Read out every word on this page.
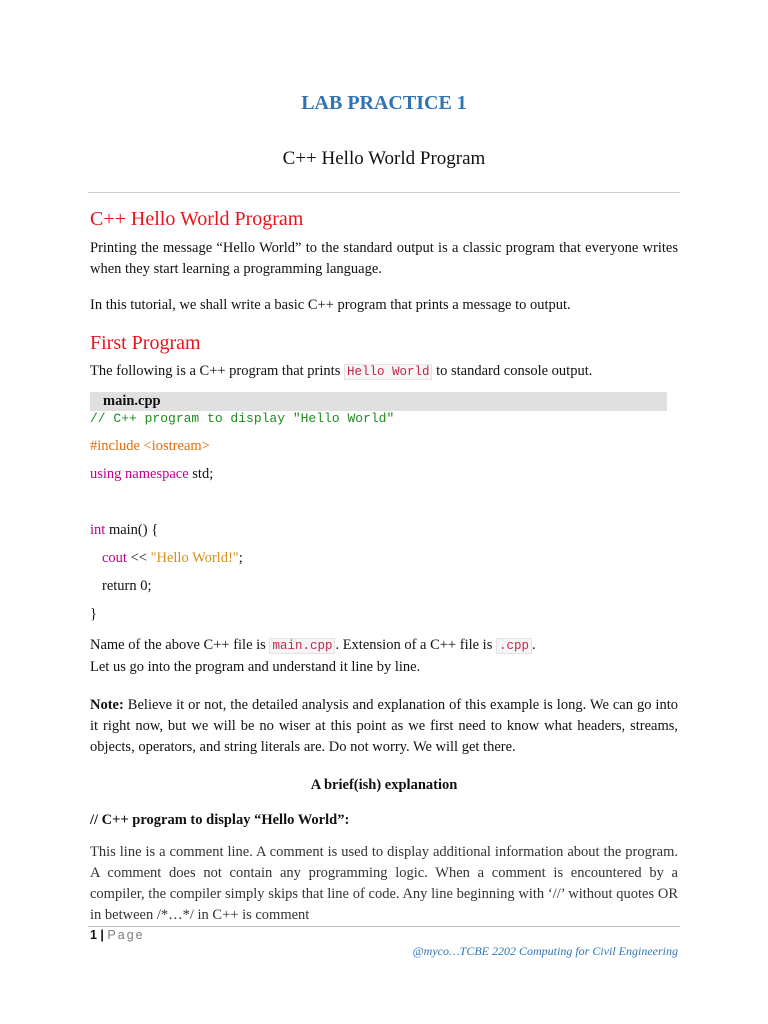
LAB PRACTICE 1
C++ Hello World Program
C++ Hello World Program
Printing the message “Hello World” to the standard output is a classic program that everyone writes when they start learning a programming language.
In this tutorial, we shall write a basic C++ program that prints a message to output.
First Program
The following is a C++ program that prints Hello World to standard console output.
main.cpp
// C++ program to display "Hello World"
#include <iostream>
using namespace std;
int main() {
cout << "Hello World!";
return 0;
}
Name of the above C++ file is main.cpp . Extension of a C++ file is .cpp .
Let us go into the program and understand it line by line.
Note: Believe it or not, the detailed analysis and explanation of this example is long. We can go into it right now, but we will be no wiser at this point as we first need to know what headers, streams, objects, operators, and string literals are. Do not worry. We will get there.
A brief(ish) explanation
// C++ program to display “Hello World”:
This line is a comment line. A comment is used to display additional information about the program. A comment does not contain any programming logic. When a comment is encountered by a compiler, the compiler simply skips that line of code. Any line beginning with ‘//’ without quotes OR in between /*…*/ in C++ is comment
1 | Page
@myco…TCBE 2202 Computing for Civil Engineering
